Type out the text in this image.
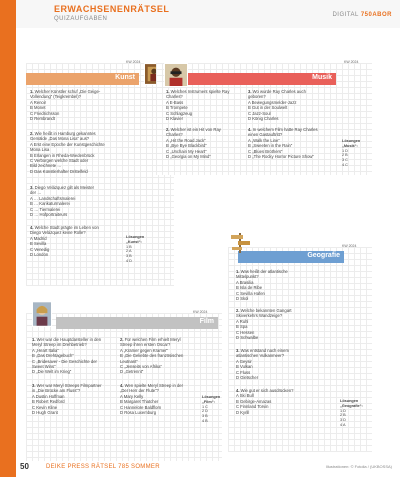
ERWACHSENENRÄTSEL
QUIZAUFGABEN
DIGITAL 750ABOR
Kunst
KW 2024
1. Welcher Künstler schuf „Die Geige-
Vollendung“ (Teigkrembel)?
A Renoir
B Monet
C Friedrichsson
D Rembrandt
2. Wie heißt in Hamburg gekanntes
Gemälde „Das Mona Lisa“ aus?
A Erst eine Epoche der Kunstgeschichte
Mona Lisa
B Erlangen in Rheda-Wiedenbrück
C Verborgen welche Stadt oder
Bild zeichnete …
D Das Künstlerhafter Drittelfeld
3. Diego Velázquez gilt als Meister
der …
A … Landschaftsmalerei
B … Karikaturmalerei
C … Tiermalerei
D … Hofportraiteurs
4. Welche Stadt prägte im Leben von
Diego Velázquez keine Rolle?
A Madrid
B Sevilla
C Venedig
D London
Lösungen
„Kunst“:
1 B
2 A
3 B
4 D
Musik
KW 2024
1. Welches Instrument spielte Ray
Charles?
A E-Bass
B Trompete
C Schlagzeug
D Klavier
2. Welcher ist ein Hit von Ray
Charles?
A „Hit the Road Jack“
B „Bye Bye Blackbird“
C „Unchain My Heart“
D „Georgia on My Mind“
3. Wo wurde Ray Charles auch
geboren?
A Bewegungsmelder-Jazz
B Gut in der Soulwelt
C Jazz-Soul
D König Charles
4. In welchem Film hatte Ray Charles
einen Gastauftritt?
A „Walk the Line“
B „Sweeten in the Rain“
C „Blues Brothers“
D „The Rocky Horror Picture Show“
Lösungen
„Musik“:
1 D
2 B
3 C
4 C
Geografie
KW 2024
1. Was heißt der atlantische
Mittelpunkt?
A Brasilia
B Isla de Ribe
C Sevilla Hafen
D Skol
2. Welche bekannten Gangart
Skiverkehrs Wandzeige?
A Ruhl
B Spa
C Hessen
D Schwalbe
3. Was entstand nach einem
atlantischen Vulkanmeer?
A Geysir
B Vulkan
C Fluss
D Gletscher
4. Wie gut er sich ausdrücken?
A Ski Bull
B Gebirge-Amazas
C Finnland Torvin
D Kyrill
Lösungen
„Geografie“:
1 D
2 B
3 D
4 A
Film
KW 2024
1. Wer war die Hauptdarsteller in den
Meryl Streep im Drehbetrieb?
A „Heart Italia“
B „Das Drehtagebuch“
C „Bridesaver - Die Geschichte der
Sweet Wins“
D „Die Welt im Krieg“
2. Für welchen Film erhielt Meryl
Streep ihren ersten Oscar?
A „Kramer gegen Kramer“
B „Die Geliebte des französischen
Leutnant“
C „Jenseits von Afrika“
D „Getrennt“
3. Wer war Meryl Streeps Filmpartner
in „Die Brücke am Fluss“?
A Dustin Hoffman
B Robert Redford
C Kevin Kline
D Hugh Grant
4. Wen spielte Meryl Streep in der
„Der Herr der Flute“?
A Mary Kelly
B Margaret Thatcher
C Hannelore Baldflorn
D Rosa Luxemburg
Lösungen
„Film“:
1 C
2 D
3 B
4 B
50	DEIKE PRESS RÄTSEL 785 SOMMER	Illustrationen: © Fotolia / (UKBOSSA)
